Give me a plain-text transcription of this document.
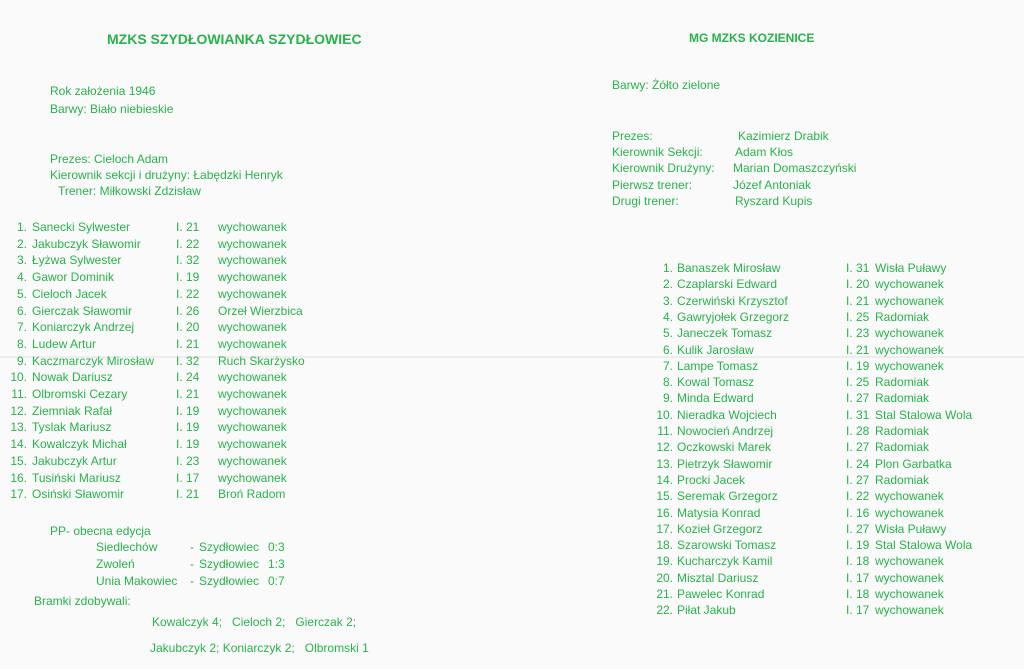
MZKS SZYDŁOWIANKA SZYDŁOWIEC
Rok założenia 1946
Barwy: Biało niebieskie
Prezes: Cieloch Adam
Kierownik sekcji i drużyny: Łabędzki Henryk
Trener: Miłkowski Zdzisław
1. Sanecki Sylwester	I. 21 wychowanek
2. Jakubczyk Sławomir	I. 22 wychowanek
3. Łyżwa Sylwester	I. 32 wychowanek
4. Gawor Dominik	I. 19 wychowanek
5. Cieloch Jacek	I. 22 wychowanek
6. Gierczak Sławomir	I. 26 Orzeł Wierzbica
7. Koniarczyk Andrzej	I. 20 wychowanek
8. Ludew Artur	I. 21 wychowanek
9. Kaczmarczyk Mirosław I. 32 Ruch Skarżysko
10. Nowak Dariusz	I. 24 wychowanek
11. Olbromski Cezary	I. 21 wychowanek
12. Ziemniak Rafał	I. 19 wychowanek
13. Tyslak Mariusz	I. 19 wychowanek
14. Kowalczyk Michał	I. 19 wychowanek
15. Jakubczyk Artur	I. 23 wychowanek
16. Tusiński Mariusz	I. 17 wychowanek
17. Osiński Sławomir	I. 21 Broń Radom
PP- obecna edycja
Siedlechów	- Szydłowiec 0:3
Zwoleń	- Szydłowiec 1:3
Unia Makowiec - Szydłowiec 0:7
Bramki zdobywali:
Kowalczyk 4;   Cieloch 2;   Gierczak 2;
Jakubczyk 2; Koniarczyk 2;   Olbromski 1
MG MZKS KOZIENICE
Barwy: Żółto zielone
Prezes:	Kazimierz Drabik
Kierownik Sekcji:	Adam Kłos
Kierownik Drużyny: Marian Domaszczyński
Pierwsz trener:	Józef Antoniak
Drugi trener:	Ryszard Kupis
1. Banaszek Mirosław	I. 31 Wisła Puławy
2. Czaplarski Edward	I. 20 wychowanek
3. Czerwiński Krzysztof	I. 21 wychowanek
4. Gawryjołek Grzegorz	I. 25 Radomiak
5. Janeczek Tomasz	I. 23 wychowanek
6. Kulik Jarosław	I. 21 wychowanek
7. Lampe Tomasz	I. 19 wychowanek
8. Kowal Tomasz	I. 25 Radomiak
9. Minda Edward	I. 27 Radomiak
10. Nieradka Wojciech	I. 31 Stal Stalowa Wola
11. Nowocień Andrzej	I. 28 Radomiak
12. Oczkowski Marek	I. 27 Radomiak
13. Pietrzyk Sławomir	I. 24 Plon Garbatka
14. Procki Jacek	I. 27 Radomiak
15. Seremak Grzegorz	I. 22 wychowanek
16. Matysia Konrad	I. 16 wychowanek
17. Kozieł Grzegorz	I. 27 Wisła Puławy
18. Szarowski Tomasz	I. 19 Stal Stalowa Wola
19. Kucharczyk Kamil	I. 18 wychowanek
20. Misztal Dariusz	I. 17 wychowanek
21. Pawelec Konrad	I. 18 wychowanek
22. Piłat Jakub	I. 17 wychowanek
